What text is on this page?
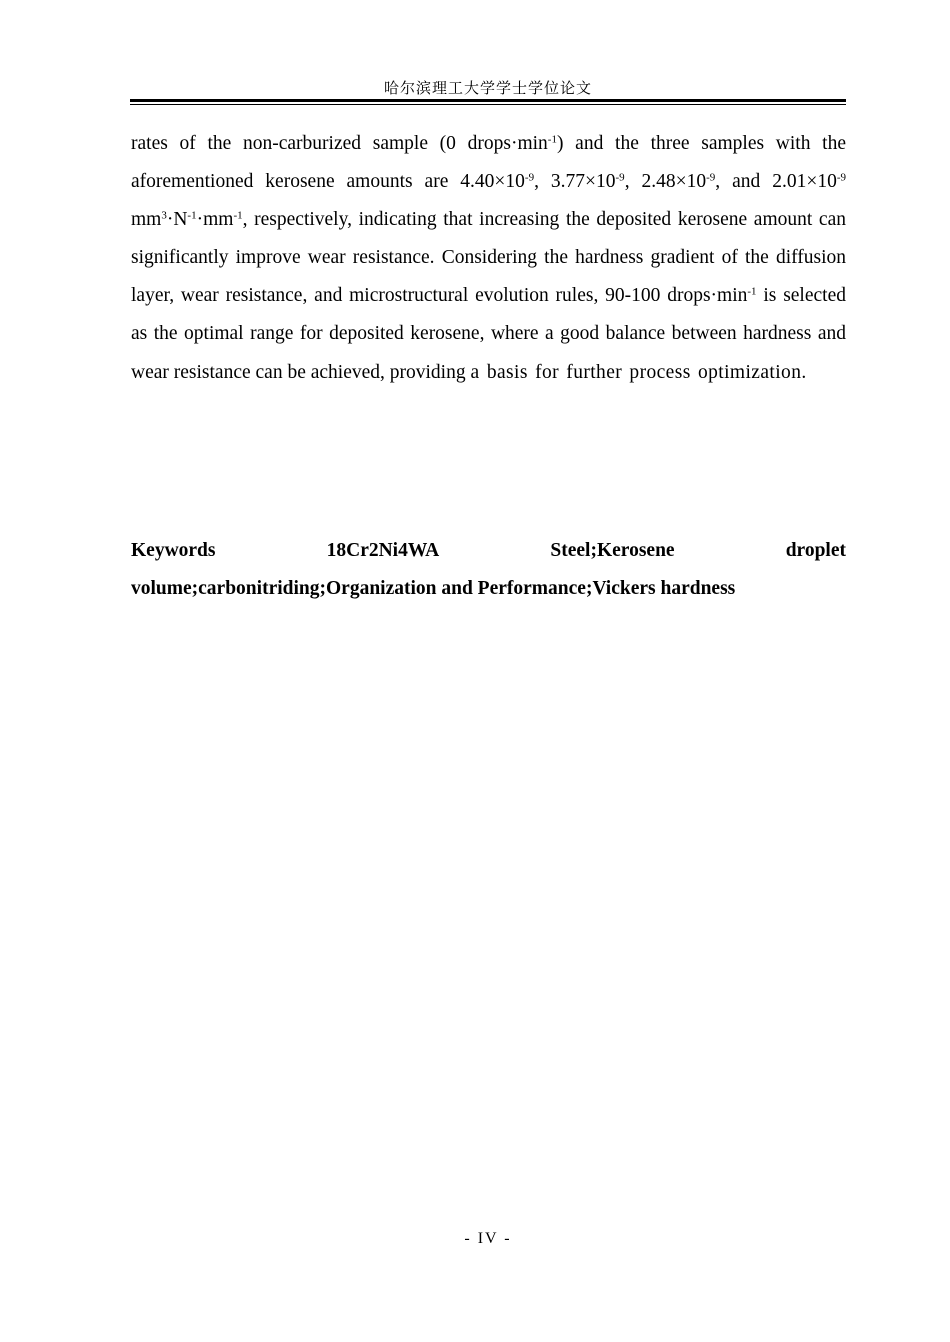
哈尔滨理工大学学士学位论文

rates of the non-carburized sample (0 $drops\cdot\min^{-1}$) and the three samples with the aforementioned kerosene amounts are $4.40\times 10^{-9}$, $3.77\times 10^{-9}$, $2.48\times 10^{-9}$, and $2.01\times 10^{-9}$ $mm^3\cdot N^{-1}\cdot mm^{-1}$, respectively, indicating that increasing the deposited kerosene amount can significantly improve wear resistance. Considering the hardness gradient of the diffusion layer, wear resistance, and microstructural evolution rules, 90-100 $drops\cdot\min^{-1}$ is selected as the optimal range for deposited kerosene, where a good balance between hardness and wear resistance can be achieved, providing a basis for further process optimization.

Keywords	18Cr2Ni4WA	Steel;Kerosene	droplet
volume;carbonitriding;Organization and Performance;Vickers hardness
- IV -
